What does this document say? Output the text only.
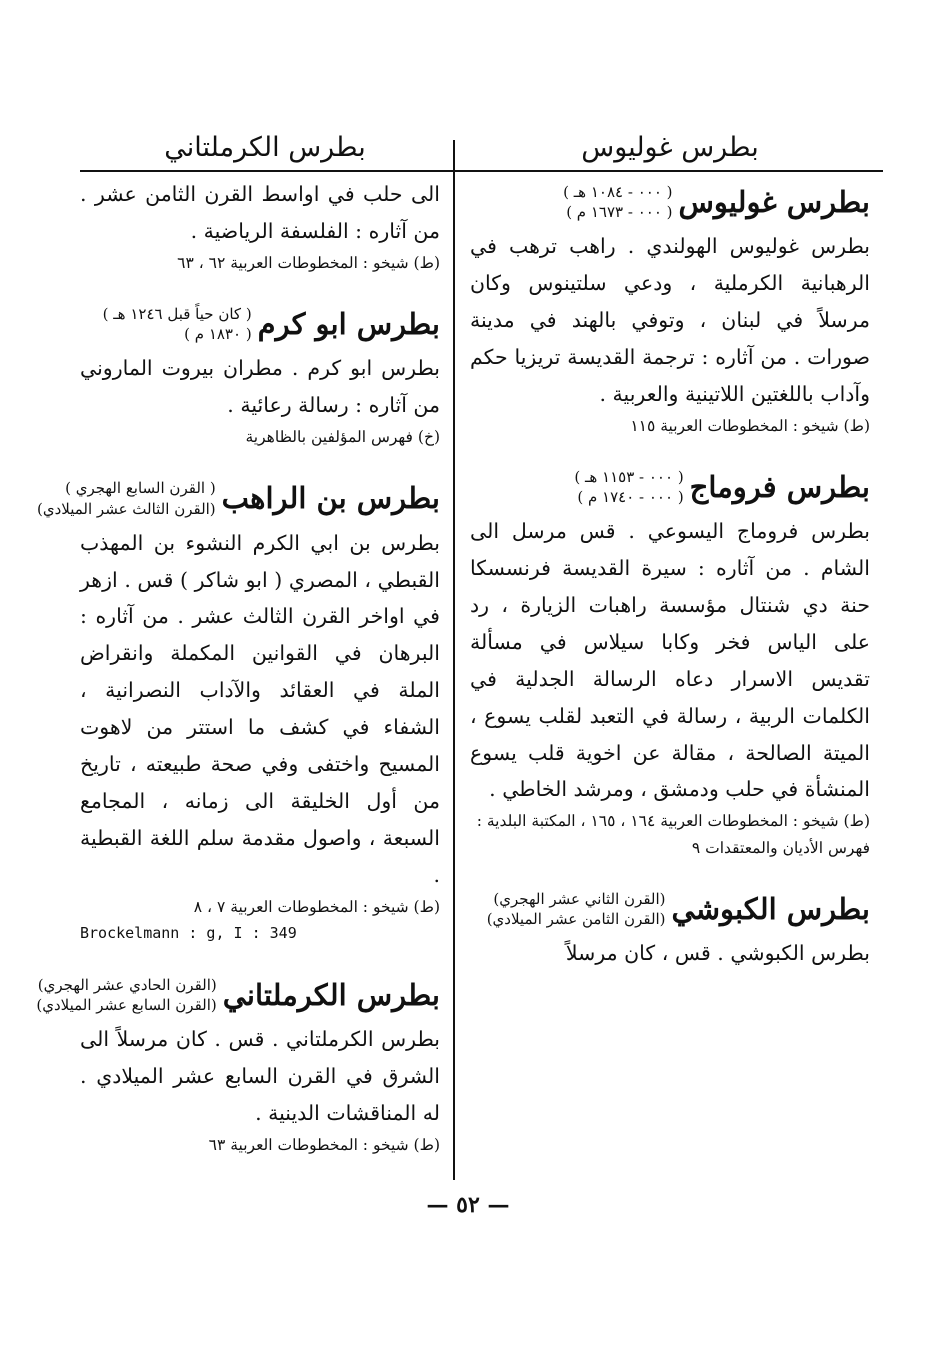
بطرس غوليوس
بطرس الكرملتاني
بطرس غوليوس
( ٠٠٠ - ١٠٨٤ هـ )
( ٠٠٠ - ١٦٧٣ م )
بطرس غوليوس الهولندي . راهب ترهب في الرهبانية الكرملية ، ودعي سلتينوس وكان مرسلاً في لبنان ، وتوفي بالهند في مدينة صورات . من آثاره : ترجمة القديسة تريزيا حكم وآداب باللغتين اللاتينية والعربية .
(ط) شيخو : المخطوطات العربية ١١٥
بطرس فروماج
( ٠٠٠ - ١١٥٣ هـ )
( ٠٠٠ - ١٧٤٠ م )
بطرس فروماج اليسوعي . قس مرسل الى الشام . من آثاره : سيرة القديسة فرنسسكا حنة دي شنتال مؤسسة راهبات الزيارة ، رد على الياس فخر وكابا سيلاس في مسألة تقديس الاسرار دعاه الرسالة الجدلية في الكلمات الربية ، رسالة في التعبد لقلب يسوع ، الميتة الصالحة ، مقالة عن اخوية قلب يسوع المنشأة في حلب ودمشق ، ومرشد الخاطي .
(ط) شيخو : المخطوطات العربية ١٦٤ ، ١٦٥ ، المكتبة البلدية : فهرس الأديان والمعتقدات ٩
بطرس الكبوشي
(القرن الثاني عشر الهجري)
(القرن الثامن عشر الميلادي)
بطرس الكبوشي . قس ، كان مرسلاً
الى حلب في اواسط القرن الثامن عشر . من آثاره : الفلسفة الرياضية .
(ط) شيخو : المخطوطات العربية ٦٢ ، ٦٣
بطرس ابو كرم
( كان حياً قبل ١٢٤٦ هـ )
( ١٨٣٠ م )
بطرس ابو كرم . مطران بيروت الماروني من آثاره : رسالة رعائية .
(خ) فهرس المؤلفين بالظاهرية
بطرس بن الراهب
( القرن السابع الهجري )
(القرن الثالث عشر الميلادي)
بطرس بن ابي الكرم النشوء بن المهذب القبطي ، المصري ( ابو شاكر ) قس . ازهر في اواخر القرن الثالث عشر . من آثاره : البرهان في القوانين المكملة وانقراض الملة في العقائد والآداب النصرانية ، الشفاء في كشف ما استتر من لاهوت المسيح واختفى وفي صحة طبيعته ، تاريخ من أول الخليقة الى زمانه ، المجامع السبعة ، واصول مقدمة سلم اللغة القبطية .
(ط) شيخو : المخطوطات العربية ٧ ، ٨
Brockelmann : g, I : 349
بطرس الكرملتاني
(القرن الحادي عشر الهجري)
(القرن السابع عشر الميلادي)
بطرس الكرملتاني . قس . كان مرسلاً الى الشرق في القرن السابع عشر الميلادي . له المناقشات الدينية .
(ط) شيخو : المخطوطات العربية ٦٣
— ٥٢ —
